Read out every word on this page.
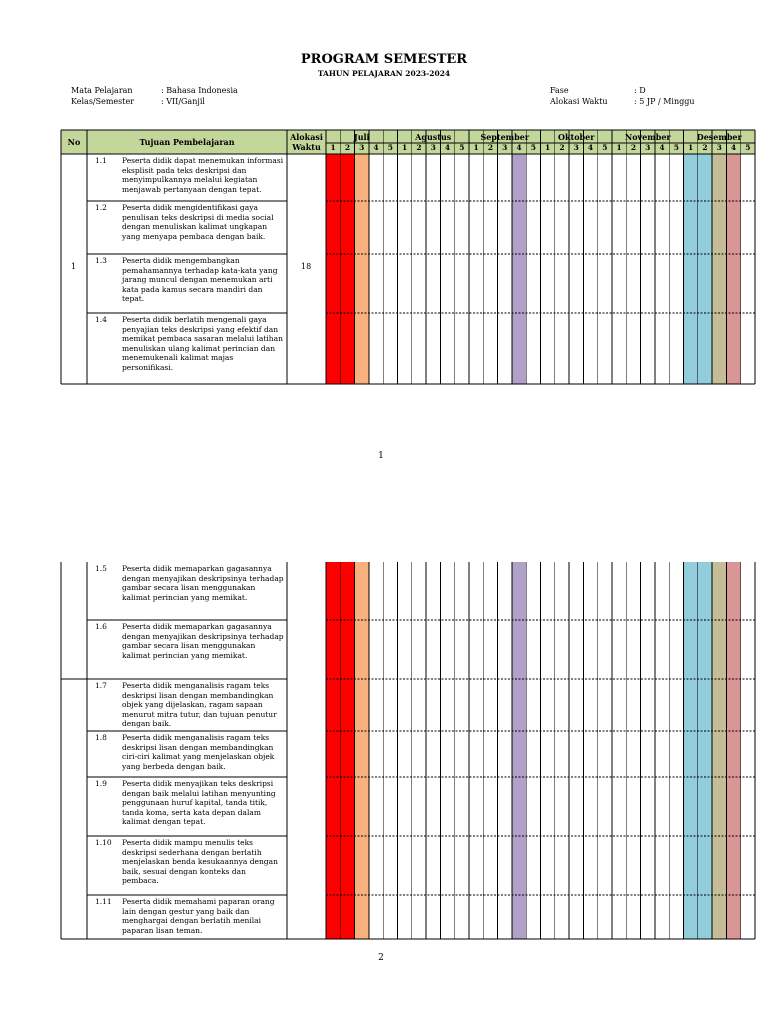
PROGRAM SEMESTER
TAHUN PELAJARAN 2023-2024
Mata Pelajaran	: Bahasa Indonesia
Kelas/Semester	: VII/Ganjil
Fase	: D
Alokasi Waktu	: 5 JP / Minggu
No	Tujuan Pembelajaran	Alokasi
Waktu
Juli
1	2	3	4	5
Agustus
1	2	3	4	5
September
1	2	3	4	5
Oktober
1	2	3	4	5
November
1	2	3	4	5
Desember
1	2	3	4	5
1.1 Peserta didik dapat menemukan informasi eksplisit pada teks deskripsi dan menyimpulkannya melalui kegiatan menjawab pertanyaan dengan tepat.
1.2 Peserta didik mengidentifikasi gaya penulisan teks deskripsi di media social dengan menuliskan kalimat ungkapan yang menyapa pembaca dengan baik.
1.3 Peserta didik mengembangkan pemahamannya terhadap kata-kata yang jarang muncul dengan menemukan arti kata pada kamus secara mandiri dan tepat.
1.4 Peserta didik berlatih mengenali gaya penyajian teks deskripsi yang efektif dan memikat pembaca sasaran melalui latihan menuliskan ulang kalimat perincian dan menemukenali kalimat majas personifikasi.
1	18
1
1.5 Peserta didik memaparkan gagasannya dengan menyajikan deskripsinya terhadap gambar secara lisan menggunakan kalimat perincian yang memikat.
1.6 Peserta didik memaparkan gagasannya dengan menyajikan deskripsinya terhadap gambar secara lisan menggunakan kalimat perincian yang memikat.
1.7 Peserta didik menganalisis ragam teks deskripsi lisan dengan membandingkan objek yang dijelaskan, ragam sapaan menurut mitra tutur, dan tujuan penutur dengan baik.
1.8 Peserta didik menganalisis ragam teks deskripsi lisan dengan membandingkan ciri-ciri kalimat yang menjelaskan objek yang berbeda dengan baik.
1.9 Peserta didik menyajikan teks deskripsi dengan baik melalui latihan menyunting penggunaan huruf kapital, tanda titik, tanda koma, serta kata depan dalam kalimat dengan tepat.
1.10 Peserta didik mampu menulis teks deskripsi sederhana dengan berlatih menjelaskan benda kesukaannya dengan baik, sesuai dengan konteks dan pembaca.
1.11 Peserta didik memahami paparan orang lain dengan gestur yang baik dan menghargai dengan berlatih menilai paparan lisan teman.
2
